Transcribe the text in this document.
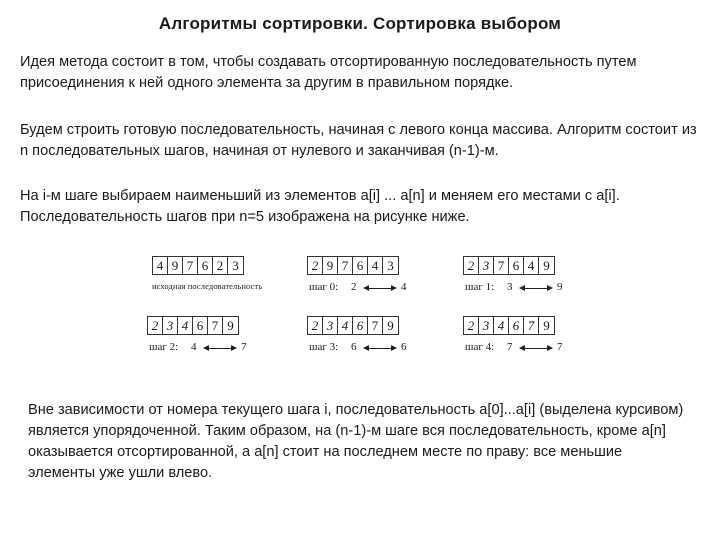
Алгоритмы сортировки. Сортировка выбором
Идея метода состоит в том, чтобы создавать отсортированную последовательность путем присоединения к ней одного элемента за другим в правильном порядке.
Будем строить готовую последовательность, начиная с левого конца массива. Алгоритм состоит из n последовательных шагов, начиная от нулевого и заканчивая (n-1)-м.
На i-м шаге выбираем наименьший из элементов a[i] ... a[n] и меняем его местами с a[i]. Последовательность шагов при n=5 изображена на рисунке ниже.
4 9 7 6 2 3
исходная последовательность
2 9 7 6 4 3
шаг 0: 2	4
2 3 7 6 4 9
шаг 1: 3	9
2 3 4 6 7 9
шаг 2: 4	7
2 3 4 6 7 9
шаг 3: 6	6
2 3 4 6 7 9
шаг 4: 7	7
Вне зависимости от номера текущего шага i, последовательность a[0]...a[i] (выделена курсивом) является упорядоченной. Таким образом, на (n-1)-м шаге вся последовательность, кроме a[n] оказывается отсортированной, а a[n] стоит на последнем месте по праву: все меньшие элементы уже ушли влево.
